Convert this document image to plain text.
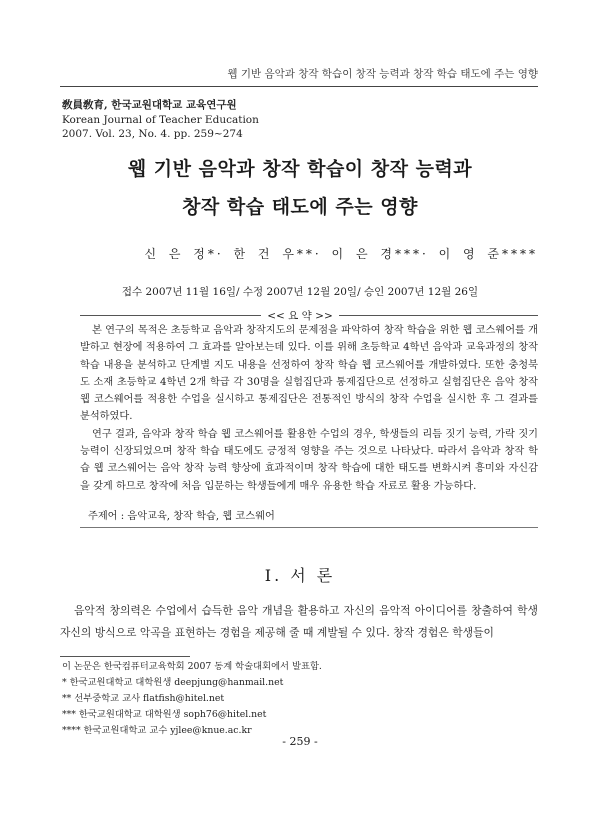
웹 기반 음악과 창작 학습이 창작 능력과 창작 학습 태도에 주는 영향
敎員敎育, 한국교원대학교 교육연구원
Korean Journal of Teacher Education
2007. Vol. 23, No. 4. pp. 259~274
웹 기반 음악과 창작 학습이 창작 능력과
창작 학습 태도에 주는 영향
신 은 정*· 한 건 우**· 이 은 경***· 이 영 준****
접수 2007년 11월 16일/ 수정 2007년 12월 20일/ 승인 2007년 12월 26일
<< 요 약 >>

본 연구의 목적은 초등학교 음악과 창작지도의 문제점을 파악하여 창작 학습을 위한 웹 코스웨어를 개발하고 현장에 적용하여 그 효과를 알아보는데 있다. 이를 위해 초등학교 4학년 음악과 교육과정의 창작 학습 내용을 분석하고 단계별 지도 내용을 선정하여 창작 학습 웹 코스웨어를 개발하였다. 또한 충청북도 소재 초등학교 4학년 2개 학급 각 30명을 실험집단과 통제집단으로 선정하고 실험집단은 음악 창작 웹 코스웨어를 적용한 수업을 실시하고 통제집단은 전통적인 방식의 창작 수업을 실시한 후 그 결과를 분석하였다.

연구 결과, 음악과 창작 학습 웹 코스웨어를 활용한 수업의 경우, 학생들의 리듬 짓기 능력, 가락 짓기 능력이 신장되었으며 창작 학습 태도에도 긍정적 영향을 주는 것으로 나타났다. 따라서 음악과 창작 학습 웹 코스웨어는 음악 창작 능력 향상에 효과적이며 창작 학습에 대한 태도를 변화시켜 흥미와 자신감을 갖게 하므로 창작에 처음 입문하는 학생들에게 매우 유용한 학습 자료로 활용 가능하다.

주제어 : 음악교육, 창작 학습, 웹 코스웨어
Ⅰ. 서 론

음악적 창의력은 수업에서 습득한 음악 개념을 활용하고 자신의 음악적 아이디어를 창출하여 학생 자신의 방식으로 악곡을 표현하는 경험을 제공해 줄 때 계발될 수 있다. 창작 경험은 학생들이

이 논문은 한국컴퓨터교육학회 2007 동계 학술대회에서 발표함.
* 한국교원대학교 대학원생 deepjung@hanmail.net
** 선부중학교 교사 flatfish@hitel.net
*** 한국교원대학교 대학원생 soph76@hitel.net
**** 한국교원대학교 교수 yjlee@knue.ac.kr
- 259 -
